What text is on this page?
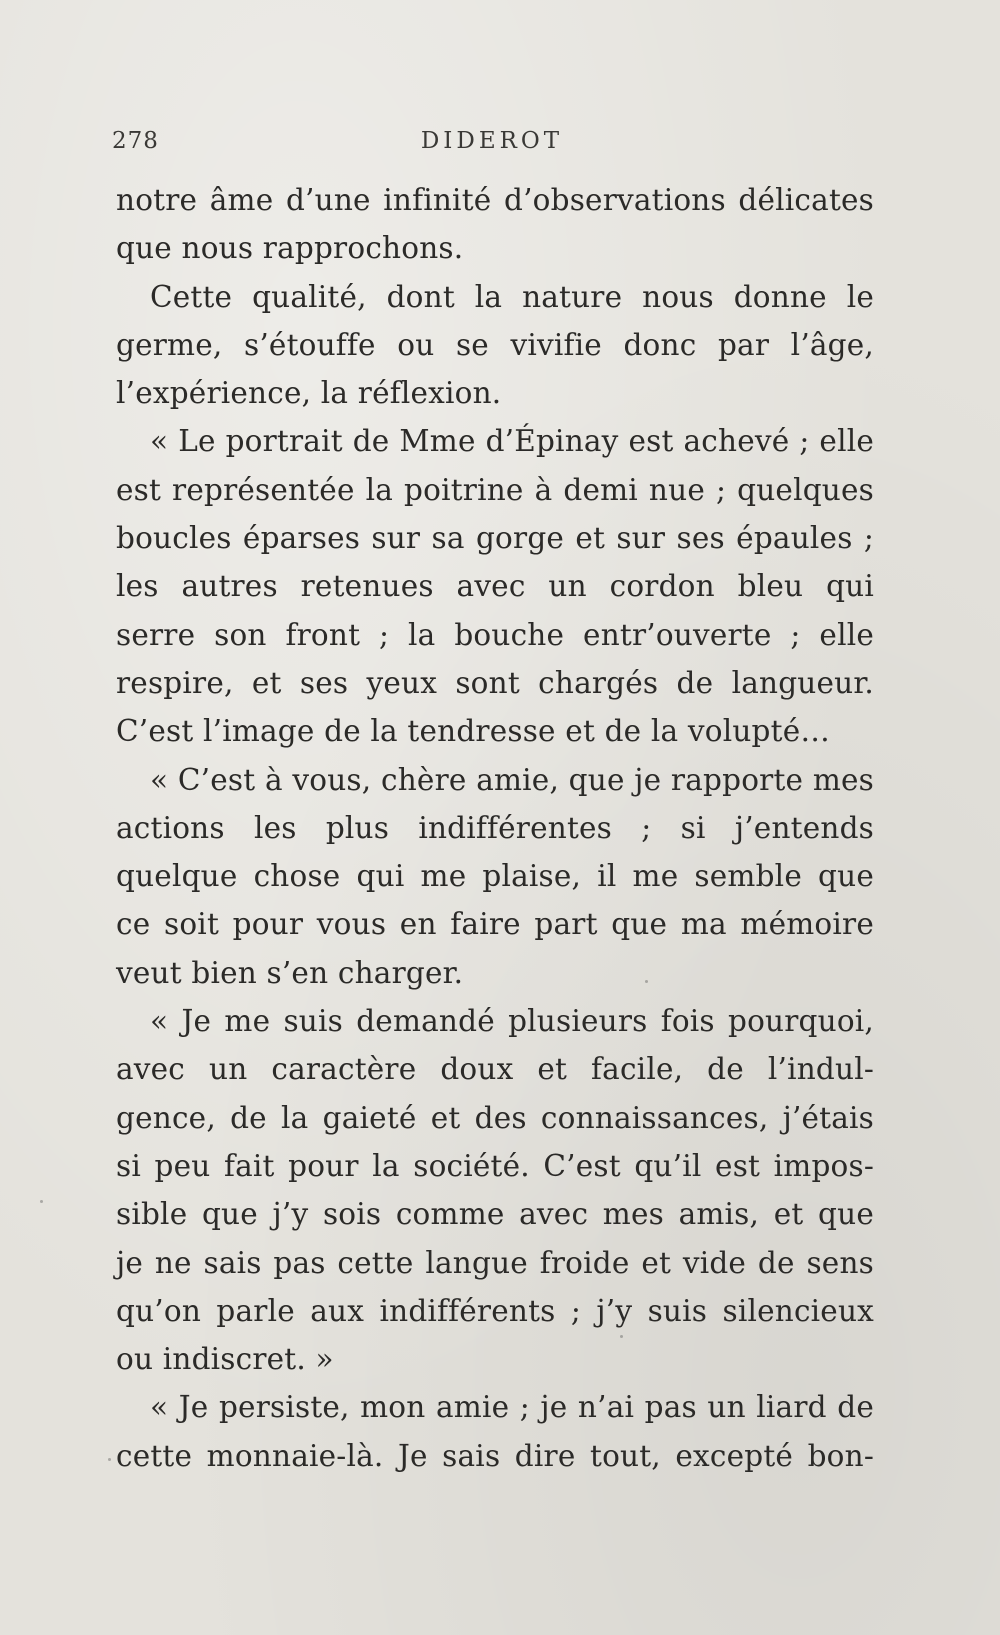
278	DIDEROT
notre âme d’une infinité d’observations délicates
que nous rapprochons.
Cette qualité, dont la nature nous donne le
germe, s’étouffe ou se vivifie donc par l’âge,
l’expérience, la réflexion.
« Le portrait de Mme d’Épinay est achevé ; elle
est représentée la poitrine à demi nue ; quelques
boucles éparses sur sa gorge et sur ses épaules ;
les autres retenues avec un cordon bleu qui
serre son front ; la bouche entr’ouverte ; elle
respire, et ses yeux sont chargés de langueur.
C’est l’image de la tendresse et de la volupté…
« C’est à vous, chère amie, que je rapporte mes
actions les plus indifférentes ; si j’entends
quelque chose qui me plaise, il me semble que
ce soit pour vous en faire part que ma mémoire
veut bien s’en charger.
« Je me suis demandé plusieurs fois pourquoi,
avec un caractère doux et facile, de l’indul-
gence, de la gaieté et des connaissances, j’étais
si peu fait pour la société. C’est qu’il est impos-
sible que j’y sois comme avec mes amis, et que
je ne sais pas cette langue froide et vide de sens
qu’on parle aux indifférents ; j’y suis silencieux
ou indiscret. »
« Je persiste, mon amie ; je n’ai pas un liard de
cette monnaie-là. Je sais dire tout, excepté bon-
